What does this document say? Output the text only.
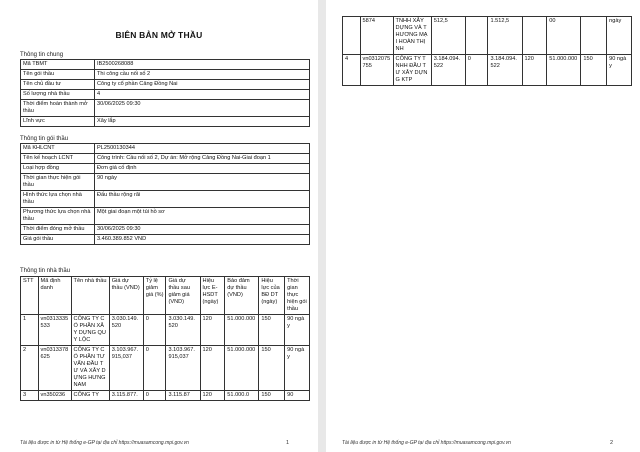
BIÊN BẢN MỞ THẦU
Thông tin chung
Mã TBMT	IB2500268088
Tên gói thầu	Thi công cầu nối số 2
Tên chủ đầu tư	Công ty cổ phần Cảng Đồng Nai
Số lượng nhà thầu	4
Thời điểm hoàn thành mở thầu	30/06/2025 09:30
Lĩnh vực	Xây lắp
Thông tin gói thầu
Mã KHLCNT	PL2500130344
Tên kế hoạch LCNT	Công trình: Cầu nối số 2, Dự án: Mở rộng Cảng Đồng Nai-Giai đoạn 1
Loại hợp đồng	Đơn giá cố định
Thời gian thực hiện gói thầu	90 ngày
Hình thức lựa chọn nhà thầu	Đấu thầu rộng rãi
Phương thức lựa chọn nhà thầu	Một giai đoạn một túi hồ sơ
Thời điểm đóng mở thầu	30/06/2025 09:30
Giá gói thầu	3.460.389.852 VND
Thông tin nhà thầu
STT	Mã định danh	Tên nhà thầu	Giá dự thầu (VND)	Tỷ lệ giảm giá (%)	Giá dự thầu sau giảm giá (VND)	Hiệu lực E-HSDT (ngày)	Bảo đảm dự thầu (VND)	Hiệu lực của BĐ DT (ngày)	Thời gian thực hiện gói thầu
1	vn0313335533	CÔNG TY CỔ PHẦN XÂY DỰNG QUY LỘC	3.030.149.520	0	3.030.149.520	120	51.000.000	150	90 ngày
2	vn0313378625	CÔNG TY CỔ PHẦN TƯ VẤN ĐẦU TƯ VÀ XÂY DỰNG HƯNG NAM	3.103.967.915,037	0	3.103.967.915,037	120	51.000.000	150	90 ngày
3	vn350236	CÔNG TY	3.115.877.	0	3.115.87	120	51.000.0	150	90
Tài liệu được in từ Hệ thống e-GP tại địa chỉ https://muasamcong.mpi.gov.vn	1
	5874	TNHH XÂY DỰNG VÀ THƯƠNG MẠI HOÀN THỊNH	512,5		1.512,5		00		ngày
4	vn0312075755	CÔNG TY TNHH ĐẦU TƯ XÂY DỰNG KTP	3.184.094.522	0	3.184.094.522	120	51.000.000	150	90 ngày
Tài liệu được in từ Hệ thống e-GP tại địa chỉ https://muasamcong.mpi.gov.vn	2
